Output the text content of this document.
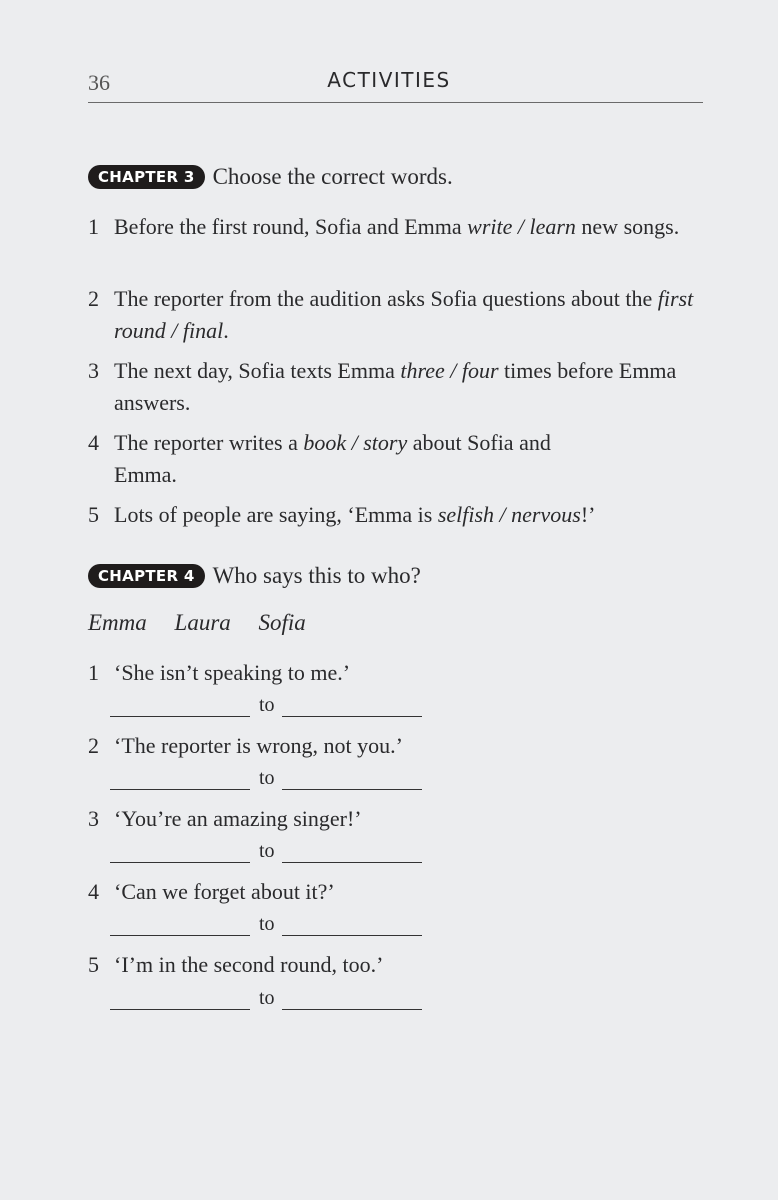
36	ACTIVITIES
CHAPTER 3 Choose the correct words.
1 Before the first round, Sofia and Emma write / learn new songs.
2 The reporter from the audition asks Sofia questions about the first round / final.
3 The next day, Sofia texts Emma three / four times before Emma answers.
4 The reporter writes a book / story about Sofia and Emma.
5 Lots of people are saying, ‘Emma is selfish / nervous!’
CHAPTER 4 Who says this to who?
Emma Laura Sofia
1 ‘She isn’t speaking to me.’
to
2 ‘The reporter is wrong, not you.’
to
3 ‘You’re an amazing singer!’
to
4 ‘Can we forget about it?’
to
5 ‘I’m in the second round, too.’
to
